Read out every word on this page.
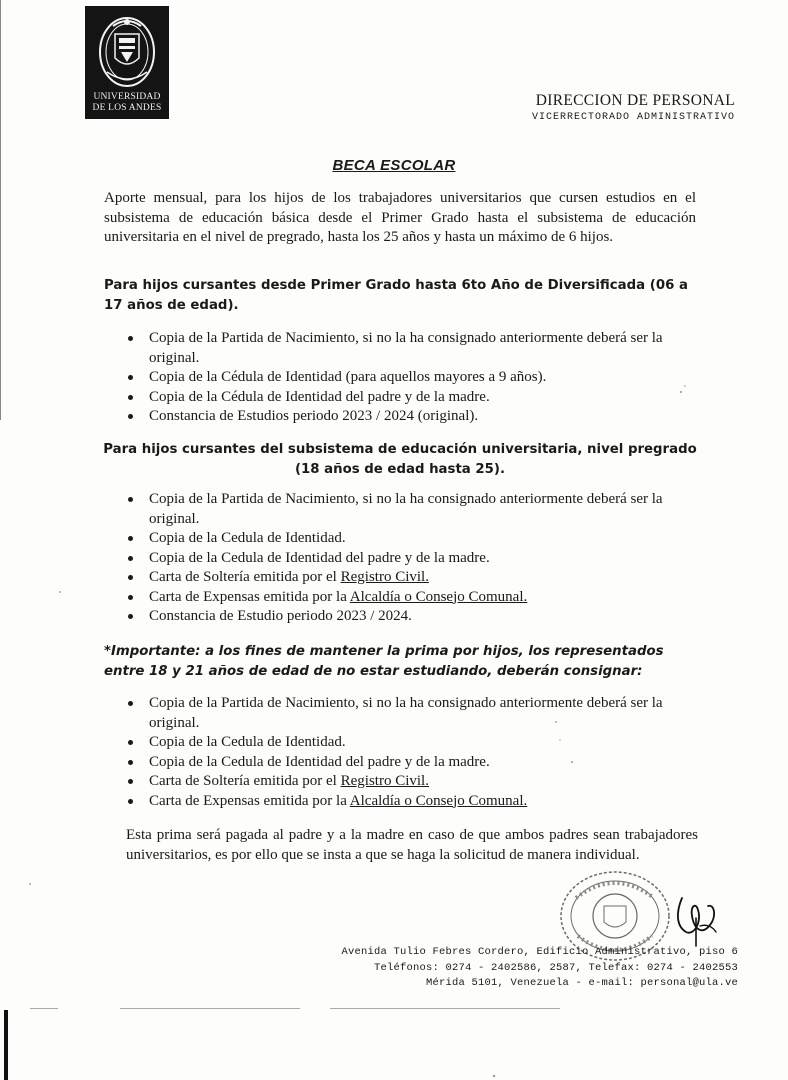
UNIVERSIDAD
DE LOS ANDES	DIRECCION DE PERSONAL
VICERRECTORADO ADMINISTRATIVO
BECA ESCOLAR
Aporte mensual, para los hijos de los trabajadores universitarios que cursen estudios en el subsistema de educación básica desde el Primer Grado hasta el subsistema de educación universitaria en el nivel de pregrado, hasta los 25 años y hasta un máximo de 6 hijos.
Para hijos cursantes desde Primer Grado hasta 6to Año de Diversificada (06 a 17 años de edad).
Copia de la Partida de Nacimiento, si no la ha consignado anteriormente deberá ser la original.
Copia de la Cédula de Identidad (para aquellos mayores a 9 años).
Copia de la Cédula de Identidad del padre y de la madre.
Constancia de Estudios periodo 2023 / 2024 (original).
Para hijos cursantes del subsistema de educación universitaria, nivel pregrado
(18 años de edad hasta 25).
Copia de la Partida de Nacimiento, si no la ha consignado anteriormente deberá ser la original.
Copia de la Cedula de Identidad.
Copia de la Cedula de Identidad del padre y de la madre.
Carta de Soltería emitida por el Registro Civil.
Carta de Expensas emitida por la Alcaldía o Consejo Comunal.
Constancia de Estudio periodo 2023 / 2024.
*Importante: a los fines de mantener la prima por hijos, los representados entre 18 y 21 años de edad de no estar estudiando, deberán consignar:
Copia de la Partida de Nacimiento, si no la ha consignado anteriormente deberá ser la original.
Copia de la Cedula de Identidad.
Copia de la Cedula de Identidad del padre y de la madre.
Carta de Soltería emitida por el Registro Civil.
Carta de Expensas emitida por la Alcaldía o Consejo Comunal.
Esta prima será pagada al padre y a la madre en caso de que ambos padres sean trabajadores universitarios, es por ello que se insta a que se haga la solicitud de manera individual.
Avenida Tulio Febres Cordero, Edificio Administrativo, piso 6
Teléfonos: 0274 - 2402586, 2587, Telefax: 0274 - 2402553
Mérida 5101, Venezuela - e-mail: personal@ula.ve
